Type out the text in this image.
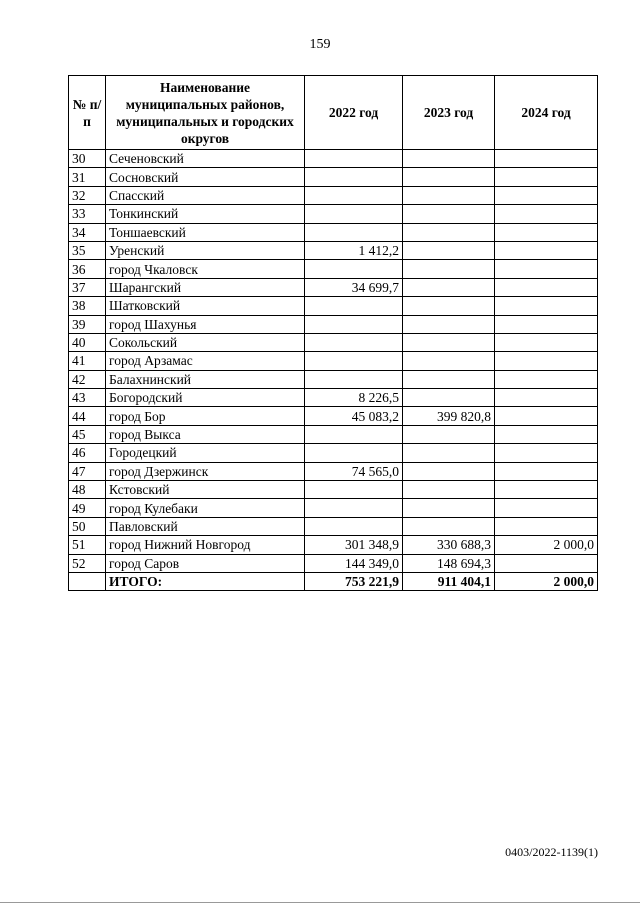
159
№ п/п	Наименование муниципальных районов, муниципальных и городских округов	2022 год	2023 год	2024 год
30	Сеченовский			
31	Сосновский			
32	Спасский			
33	Тонкинский			
34	Тоншаевский			
35	Уренский	1 412,2		
36	город Чкаловск			
37	Шарангский	34 699,7		
38	Шатковский			
39	город Шахунья			
40	Сокольский			
41	город Арзамас			
42	Балахнинский			
43	Богородский	8 226,5		
44	город Бор	45 083,2	399 820,8	
45	город Выкса			
46	Городецкий			
47	город Дзержинск	74 565,0		
48	Кстовский			
49	город Кулебаки			
50	Павловский			
51	город Нижний Новгород	301 348,9	330 688,3	2 000,0
52	город Саров	144 349,0	148 694,3	
	ИТОГО:	753 221,9	911 404,1	2 000,0
0403/2022-1139(1)
